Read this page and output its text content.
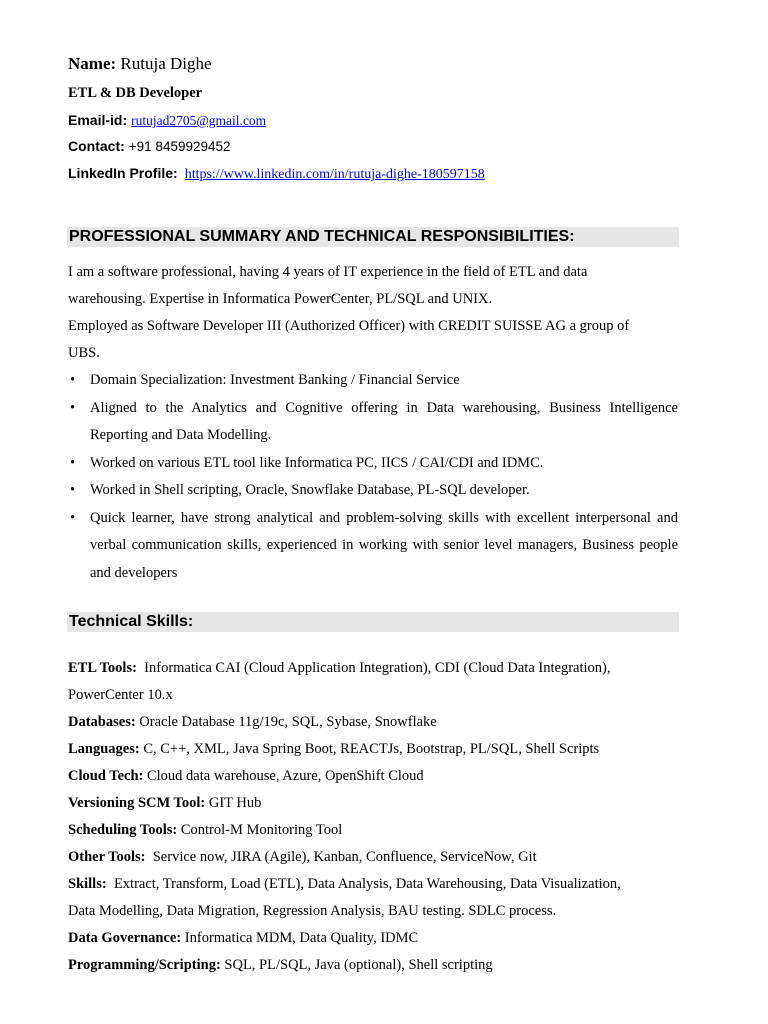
Name: Rutuja Dighe
ETL & DB Developer
Email-id: rutujad2705@gmail.com
Contact: +91 8459929452
LinkedIn Profile: https://www.linkedin.com/in/rutuja-dighe-180597158
PROFESSIONAL SUMMARY AND TECHNICAL RESPONSIBILITIES:
I am a software professional, having 4 years of IT experience in the field of ETL and data
warehousing. Expertise in Informatica PowerCenter, PL/SQL and UNIX.
Employed as Software Developer III (Authorized Officer) with CREDIT SUISSE AG a group of
UBS.
• Domain Specialization: Investment Banking / Financial Service
• Aligned to the Analytics and Cognitive offering in Data warehousing, Business Intelligence Reporting and Data Modelling.
• Worked on various ETL tool like Informatica PC, IICS / CAI/CDI and IDMC.
• Worked in Shell scripting, Oracle, Snowflake Database, PL-SQL developer.
• Quick learner, have strong analytical and problem-solving skills with excellent interpersonal and verbal communication skills, experienced in working with senior level managers, Business people and developers
Technical Skills:
ETL Tools: Informatica CAI (Cloud Application Integration), CDI (Cloud Data Integration),
PowerCenter 10.x
Databases: Oracle Database 11g/19c, SQL, Sybase, Snowflake
Languages: C, C++, XML, Java Spring Boot, REACTJs, Bootstrap, PL/SQL, Shell Scripts
Cloud Tech: Cloud data warehouse, Azure, OpenShift Cloud
Versioning SCM Tool: GIT Hub
Scheduling Tools: Control-M Monitoring Tool
Other Tools: Service now, JIRA (Agile), Kanban, Confluence, ServiceNow, Git
Skills: Extract, Transform, Load (ETL), Data Analysis, Data Warehousing, Data Visualization,
Data Modelling, Data Migration, Regression Analysis, BAU testing. SDLC process.
Data Governance: Informatica MDM, Data Quality, IDMC
Programming/Scripting: SQL, PL/SQL, Java (optional), Shell scripting
